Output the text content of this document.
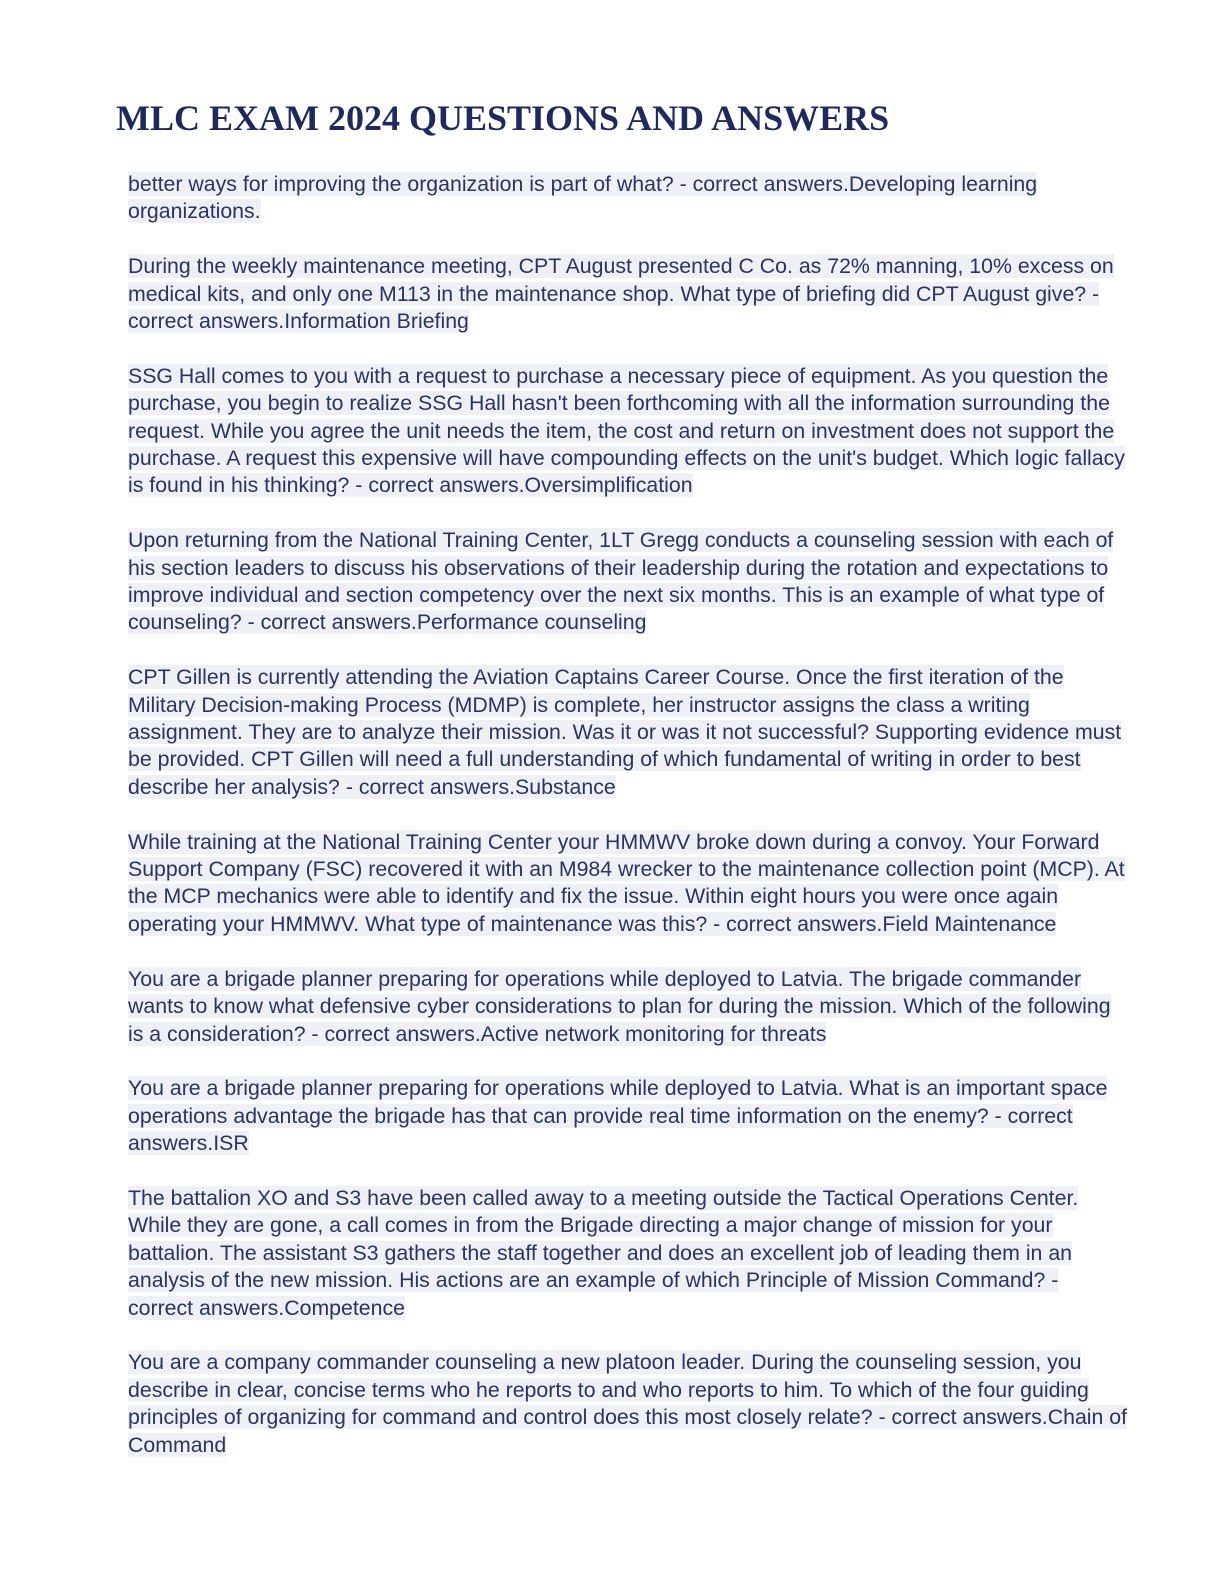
MLC EXAM 2024 QUESTIONS AND ANSWERS
better ways for improving the organization is part of what? - correct answers.Developing learning organizations.
During the weekly maintenance meeting, CPT August presented C Co. as 72% manning, 10% excess on medical kits, and only one M113 in the maintenance shop. What type of briefing did CPT August give? - correct answers.Information Briefing
SSG Hall comes to you with a request to purchase a necessary piece of equipment. As you question the purchase, you begin to realize SSG Hall hasn't been forthcoming with all the information surrounding the request. While you agree the unit needs the item, the cost and return on investment does not support the purchase. A request this expensive will have compounding effects on the unit's budget. Which logic fallacy is found in his thinking? - correct answers.Oversimplification
Upon returning from the National Training Center, 1LT Gregg conducts a counseling session with each of his section leaders to discuss his observations of their leadership during the rotation and expectations to improve individual and section competency over the next six months. This is an example of what type of counseling? - correct answers.Performance counseling
CPT Gillen is currently attending the Aviation Captains Career Course. Once the first iteration of the Military Decision-making Process (MDMP) is complete, her instructor assigns the class a writing assignment. They are to analyze their mission. Was it or was it not successful? Supporting evidence must be provided. CPT Gillen will need a full understanding of which fundamental of writing in order to best describe her analysis? - correct answers.Substance
While training at the National Training Center your HMMWV broke down during a convoy. Your Forward Support Company (FSC) recovered it with an M984 wrecker to the maintenance collection point (MCP). At the MCP mechanics were able to identify and fix the issue. Within eight hours you were once again operating your HMMWV. What type of maintenance was this? - correct answers.Field Maintenance
You are a brigade planner preparing for operations while deployed to Latvia. The brigade commander wants to know what defensive cyber considerations to plan for during the mission. Which of the following is a consideration? - correct answers.Active network monitoring for threats
You are a brigade planner preparing for operations while deployed to Latvia. What is an important space operations advantage the brigade has that can provide real time information on the enemy? - correct answers.ISR
The battalion XO and S3 have been called away to a meeting outside the Tactical Operations Center. While they are gone, a call comes in from the Brigade directing a major change of mission for your battalion. The assistant S3 gathers the staff together and does an excellent job of leading them in an analysis of the new mission. His actions are an example of which Principle of Mission Command? - correct answers.Competence
You are a company commander counseling a new platoon leader. During the counseling session, you describe in clear, concise terms who he reports to and who reports to him. To which of the four guiding principles of organizing for command and control does this most closely relate? - correct answers.Chain of Command
